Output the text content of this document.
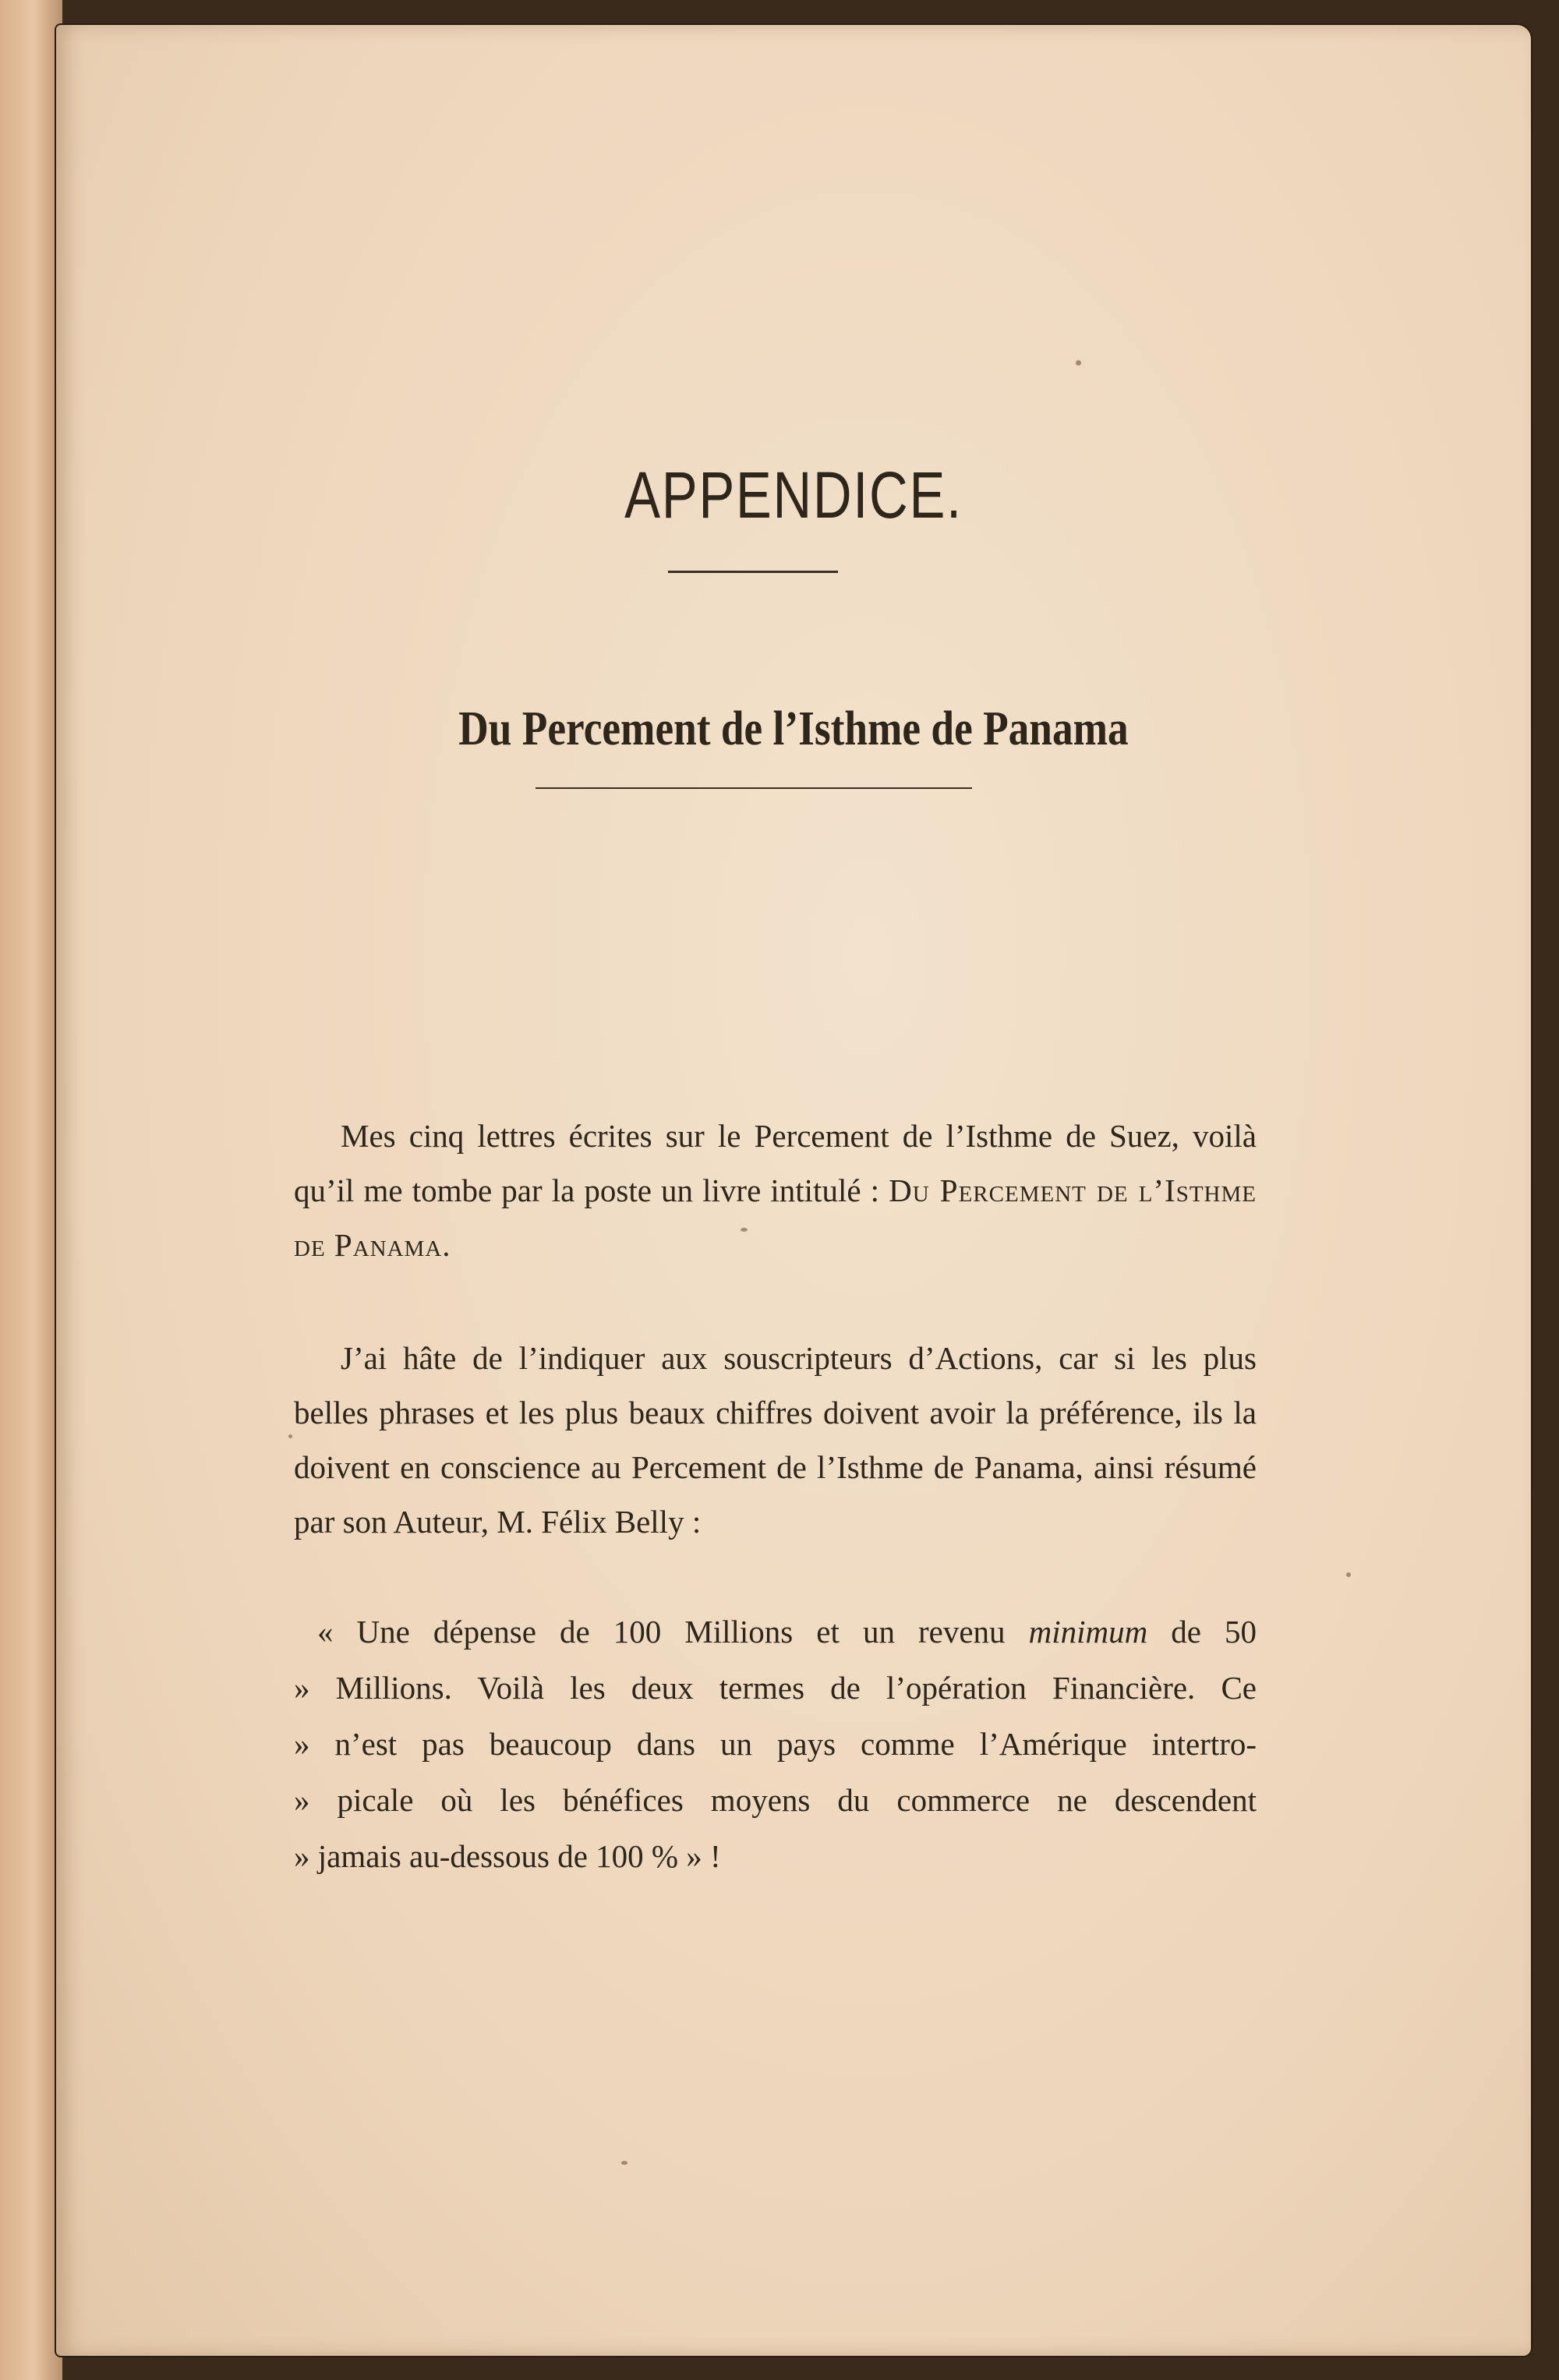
APPENDICE.
Du Percement de l’Isthme de Panama
Mes cinq lettres écrites sur le Percement de l’Isthme de Suez, voilà qu’il me tombe par la poste un livre intitulé : Du Percement de l’Isthme de Panama.
J’ai hâte de l’indiquer aux souscripteurs d’Actions, car si les plus belles phrases et les plus beaux chiffres doivent avoir la préférence, ils la doivent en conscience au Percement de l’Isthme de Panama, ainsi résumé par son Auteur, M. Félix Belly :
« Une dépense de 100 Millions et un revenu minimum de 50
» Millions. Voilà les deux termes de l’opération Financière. Ce
» n’est pas beaucoup dans un pays comme l’Amérique intertro-
» picale où les bénéfices moyens du commerce ne descendent
» jamais au-dessous de 100 % » !
